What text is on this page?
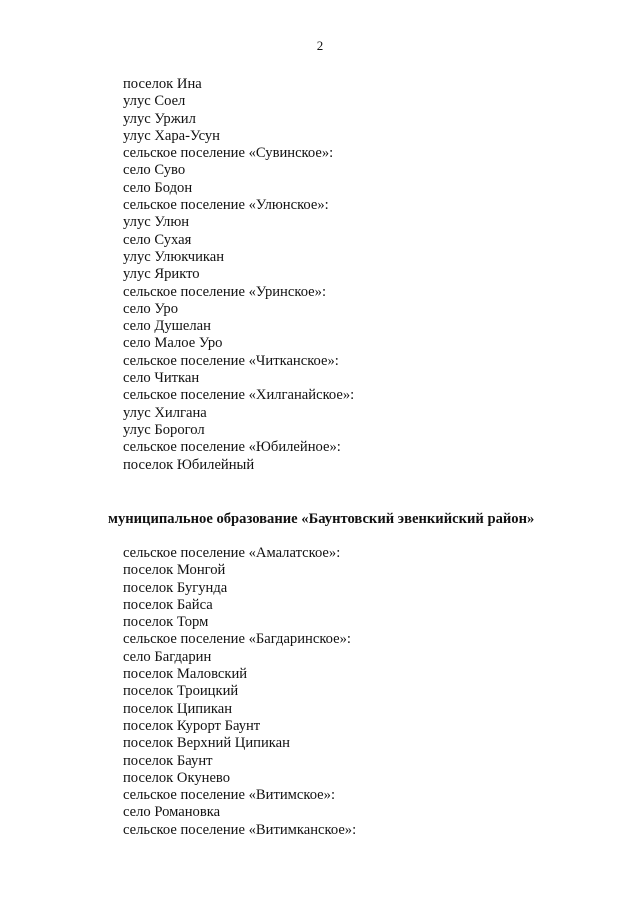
2
поселок Ина
улус Соел
улус Уржил
улус Хара-Усун
сельское поселение «Сувинское»:
село Суво
село Бодон
сельское поселение «Улюнское»:
улус Улюн
село Сухая
улус Улюкчикан
улус Ярикто
сельское поселение «Уринское»:
село Уро
село Душелан
село Малое Уро
сельское поселение «Читканское»:
село Читкан
сельское поселение «Хилганайское»:
улус Хилгана
улус Борогол
сельское поселение «Юбилейное»:
поселок Юбилейный
муниципальное образование «Баунтовский эвенкийский район»
сельское поселение «Амалатское»:
поселок Монгой
поселок Бугунда
поселок Байса
поселок Торм
сельское поселение «Багдаринское»:
село Багдарин
поселок Маловский
поселок Троицкий
поселок Ципикан
поселок Курорт Баунт
поселок Верхний Ципикан
поселок Баунт
поселок Окунево
сельское поселение «Витимское»:
село Романовка
сельское поселение «Витимканское»:
